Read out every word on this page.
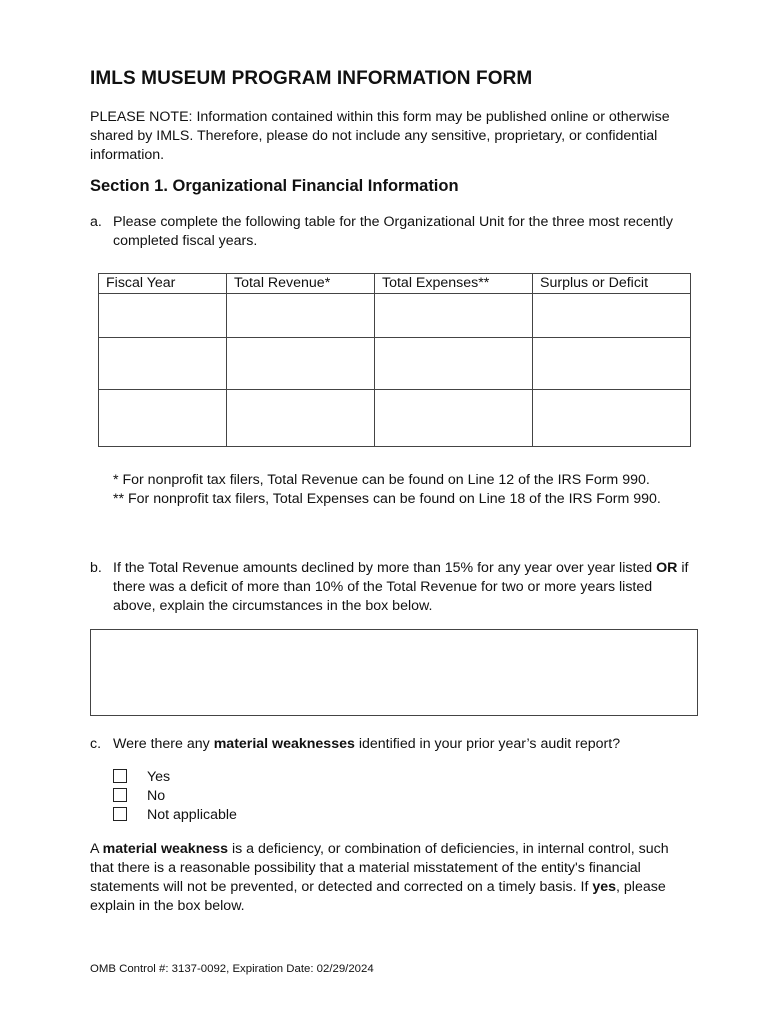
IMLS MUSEUM PROGRAM INFORMATION FORM
PLEASE NOTE: Information contained within this form may be published online or otherwise shared by IMLS. Therefore, please do not include any sensitive, proprietary, or confidential information.
Section 1. Organizational Financial Information
a. Please complete the following table for the Organizational Unit for the three most recently completed fiscal years.
Fiscal Year	Total Revenue*	Total Expenses**	Surplus or Deficit

* For nonprofit tax filers, Total Revenue can be found on Line 12 of the IRS Form 990.
** For nonprofit tax filers, Total Expenses can be found on Line 18 of the IRS Form 990.
b. If the Total Revenue amounts declined by more than 15% for any year over year listed OR if there was a deficit of more than 10% of the Total Revenue for two or more years listed above, explain the circumstances in the box below.
c. Were there any material weaknesses identified in your prior year’s audit report?
Yes
No
Not applicable
A material weakness is a deficiency, or combination of deficiencies, in internal control, such that there is a reasonable possibility that a material misstatement of the entity's financial statements will not be prevented, or detected and corrected on a timely basis. If yes, please explain in the box below.
OMB Control #: 3137-0092, Expiration Date: 02/29/2024
